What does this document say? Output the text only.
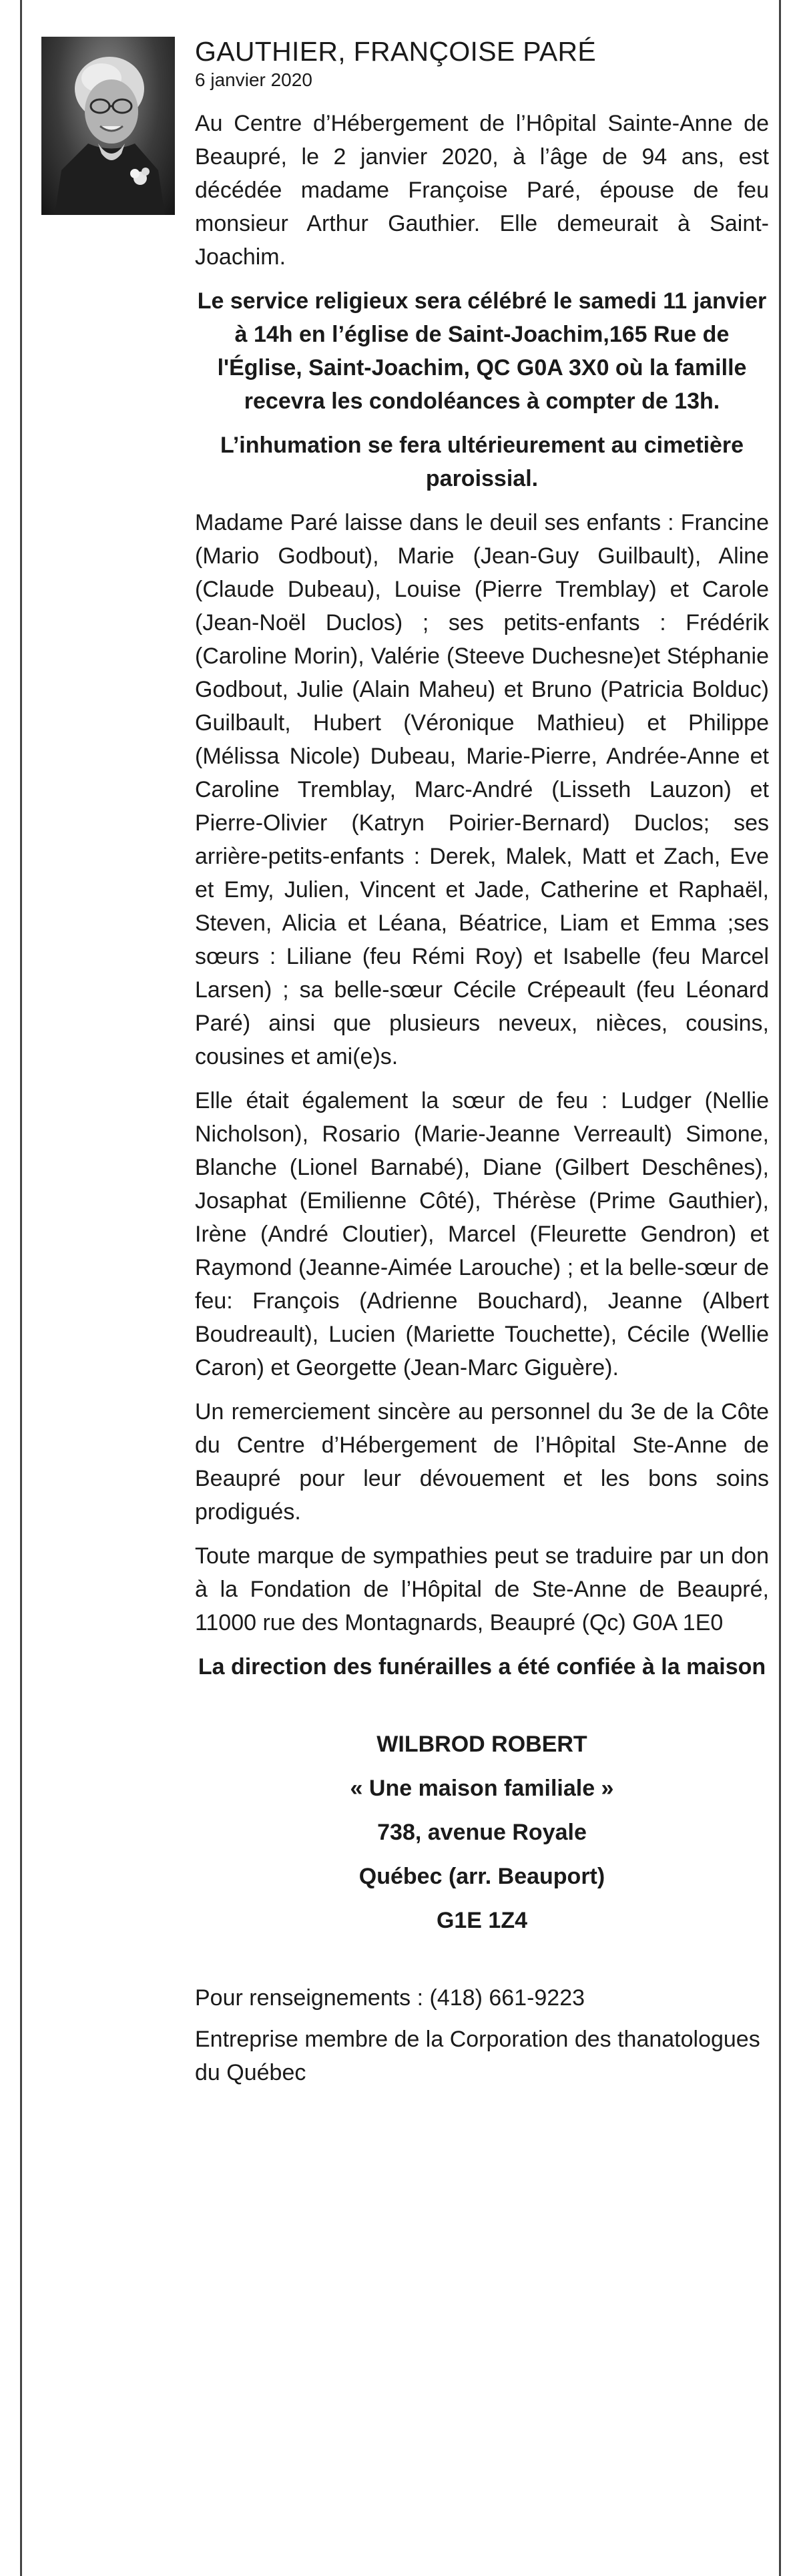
GAUTHIER, FRANÇOISE PARÉ
6 janvier 2020

Au Centre d’Hébergement de l’Hôpital Sainte-Anne de Beaupré, le 2 janvier 2020, à l’âge de 94 ans, est décédée madame Françoise Paré, épouse de feu monsieur Arthur Gauthier. Elle demeurait à Saint-Joachim.

Le service religieux sera célébré le samedi 11 janvier à 14h en l’église de Saint-Joachim,165 Rue de l'Église, Saint-Joachim, QC G0A 3X0 où la famille recevra les condoléances à compter de 13h.

L’inhumation se fera ultérieurement au cimetière paroissial.

Madame Paré laisse dans le deuil ses enfants : Francine (Mario Godbout), Marie (Jean-Guy Guilbault), Aline (Claude Dubeau), Louise (Pierre Tremblay) et Carole (Jean-Noël Duclos) ; ses petits-enfants : Frédérik (Caroline Morin), Valérie (Steeve Duchesne)et Stéphanie Godbout, Julie (Alain Maheu) et Bruno (Patricia Bolduc) Guilbault, Hubert (Véronique Mathieu) et Philippe (Mélissa Nicole) Dubeau, Marie-Pierre, Andrée-Anne et Caroline Tremblay, Marc-André (Lisseth Lauzon) et Pierre-Olivier (Katryn Poirier-Bernard) Duclos; ses arrière-petits-enfants : Derek, Malek, Matt et Zach, Eve et Emy, Julien, Vincent et Jade, Catherine et Raphaël, Steven, Alicia et Léana, Béatrice, Liam et Emma ;ses sœurs : Liliane (feu Rémi Roy) et Isabelle (feu Marcel Larsen) ; sa belle-sœur Cécile Crépeault (feu Léonard Paré) ainsi que plusieurs neveux, nièces, cousins, cousines et ami(e)s.

Elle était également la sœur de feu : Ludger (Nellie Nicholson), Rosario (Marie-Jeanne Verreault) Simone, Blanche (Lionel Barnabé), Diane (Gilbert Deschênes), Josaphat (Emilienne Côté), Thérèse (Prime Gauthier), Irène (André Cloutier), Marcel (Fleurette Gendron) et Raymond (Jeanne-Aimée Larouche) ; et la belle-sœur de feu: François (Adrienne Bouchard), Jeanne (Albert Boudreault), Lucien (Mariette Touchette), Cécile (Wellie Caron) et Georgette (Jean-Marc Giguère).

Un remerciement sincère au personnel du 3e de la Côte du Centre d’Hébergement de l’Hôpital Ste-Anne de Beaupré pour leur dévouement et les bons soins prodigués.

Toute marque de sympathies peut se traduire par un don à la Fondation de l’Hôpital de Ste-Anne de Beaupré, 11000 rue des Montagnards, Beaupré (Qc) G0A 1E0

La direction des funérailles a été confiée à la maison

WILBROD ROBERT
« Une maison familiale »
738, avenue Royale
Québec (arr. Beauport)
G1E 1Z4
Pour renseignements : (418) 661-9223
Entreprise membre de la Corporation des thanatologues du Québec
